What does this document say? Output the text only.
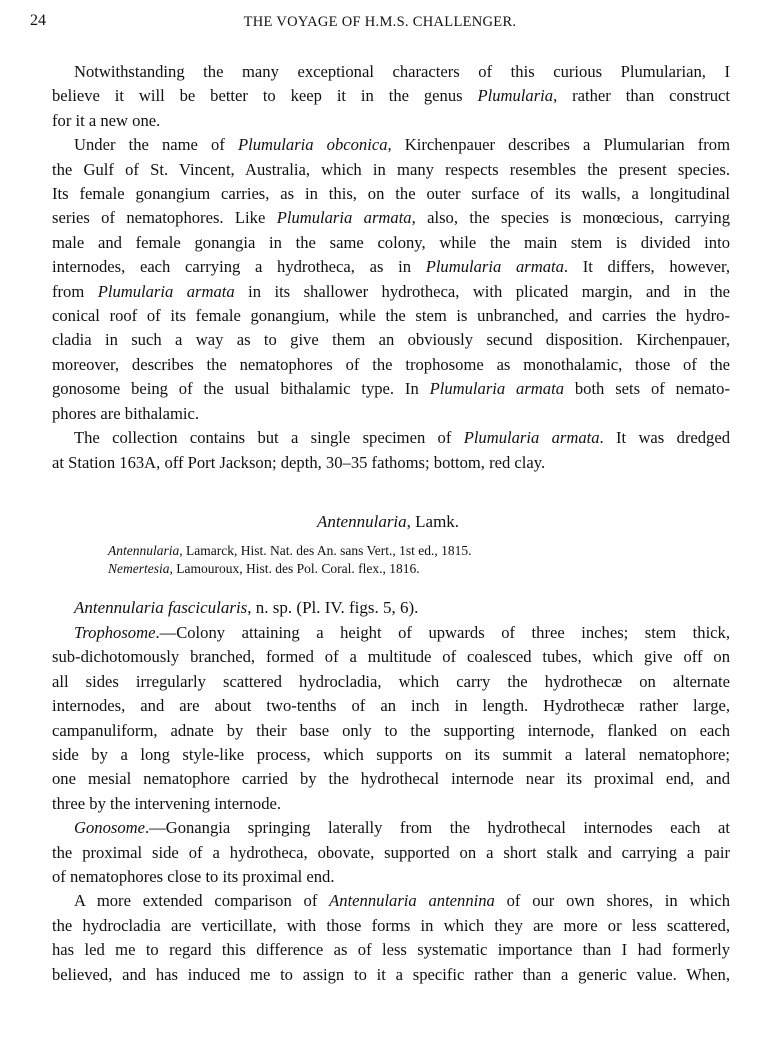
24	THE VOYAGE OF H.M.S. CHALLENGER.
Notwithstanding the many exceptional characters of this curious Plumularian, I
believe it will be better to keep it in the genus Plumularia, rather than construct
for it a new one.
Under the name of Plumularia obconica, Kirchenpauer describes a Plumularian from
the Gulf of St. Vincent, Australia, which in many respects resembles the present species.
Its female gonangium carries, as in this, on the outer surface of its walls, a longitudinal
series of nematophores. Like Plumularia armata, also, the species is monœcious, carrying
male and female gonangia in the same colony, while the main stem is divided into
internodes, each carrying a hydrotheca, as in Plumularia armata. It differs, however,
from Plumularia armata in its shallower hydrotheca, with plicated margin, and in the
conical roof of its female gonangium, while the stem is unbranched, and carries the hydro-
cladia in such a way as to give them an obviously secund disposition. Kirchenpauer,
moreover, describes the nematophores of the trophosome as monothalamic, those of the
gonosome being of the usual bithalamic type. In Plumularia armata both sets of nemato-
phores are bithalamic.
The collection contains but a single specimen of Plumularia armata. It was dredged
at Station 163A, off Port Jackson; depth, 30–35 fathoms; bottom, red clay.
Antennularia, Lamk.
Antennularia, Lamarck, Hist. Nat. des An. sans Vert., 1st ed., 1815.
Nemertesia, Lamouroux, Hist. des Pol. Coral. flex., 1816.
Antennularia fascicularis, n. sp. (Pl. IV. figs. 5, 6).
Trophosome.—Colony attaining a height of upwards of three inches; stem thick,
sub-dichotomously branched, formed of a multitude of coalesced tubes, which give off on
all sides irregularly scattered hydrocladia, which carry the hydrothecæ on alternate
internodes, and are about two-tenths of an inch in length. Hydrothecæ rather large,
campanuliform, adnate by their base only to the supporting internode, flanked on each
side by a long style-like process, which supports on its summit a lateral nematophore;
one mesial nematophore carried by the hydrothecal internode near its proximal end, and
three by the intervening internode.
Gonosome.—Gonangia springing laterally from the hydrothecal internodes each at
the proximal side of a hydrotheca, obovate, supported on a short stalk and carrying a pair
of nematophores close to its proximal end.
A more extended comparison of Antennularia antennina of our own shores, in which
the hydrocladia are verticillate, with those forms in which they are more or less scattered,
has led me to regard this difference as of less systematic importance than I had formerly
believed, and has induced me to assign to it a specific rather than a generic value. When,
